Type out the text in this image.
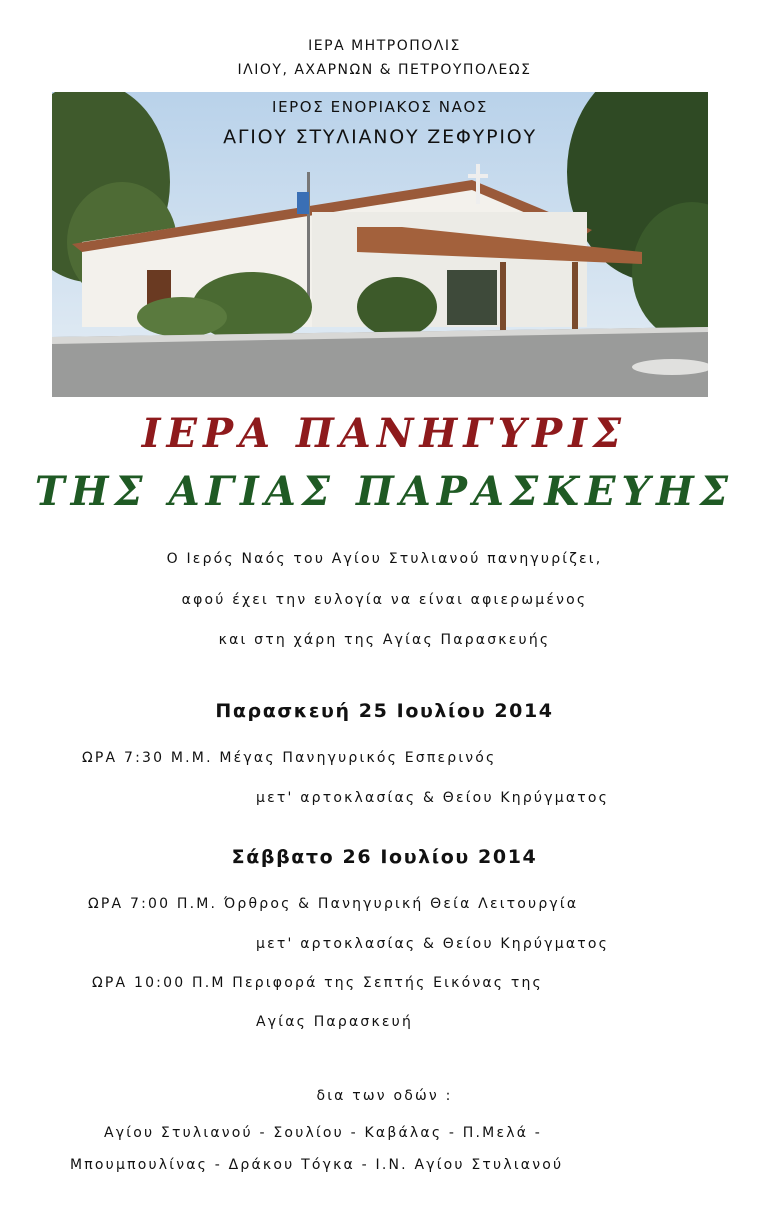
ΙΕΡΑ ΜΗΤΡΟΠΟΛΙΣ
ΙΛΙΟΥ, ΑΧΑΡΝΩΝ & ΠΕΤΡΟΥΠΟΛΕΩΣ
ΙΕΡΟΣ ΕΝΟΡΙΑΚΟΣ ΝΑΟΣ
ΑΓΙΟΥ ΣΤΥΛΙΑΝΟΥ ΖΕΦΥΡΙΟΥ
ΙΕΡΑ ΠΑΝΗΓΥΡΙΣ
ΤΗΣ ΑΓΙΑΣ ΠΑΡΑΣΚΕΥΗΣ
Ο Ιερός Ναός του Αγίου Στυλιανού πανηγυρίζει,
αφού έχει την ευλογία να είναι αφιερωμένος
και στη χάρη της Αγίας Παρασκευής
Παρασκευή 25 Ιουλίου 2014
ΩΡΑ 7:30 Μ.Μ. Μέγας Πανηγυρικός Εσπερινός
μετ' αρτοκλασίας & Θείου Κηρύγματος
Σάββατο 26 Ιουλίου 2014
ΩΡΑ 7:00 Π.Μ. Όρθρος & Πανηγυρική Θεία Λειτουργία
μετ' αρτοκλασίας & Θείου Κηρύγματος
ΩΡΑ 10:00 Π.Μ Περιφορά της Σεπτής Εικόνας της
Αγίας Παρασκευή
δια των οδών :
Αγίου Στυλιανού - Σουλίου - Καβάλας - Π.Μελά -
Μπουμπουλίνας - Δράκου Τόγκα - Ι.Ν. Αγίου Στυλιανού
